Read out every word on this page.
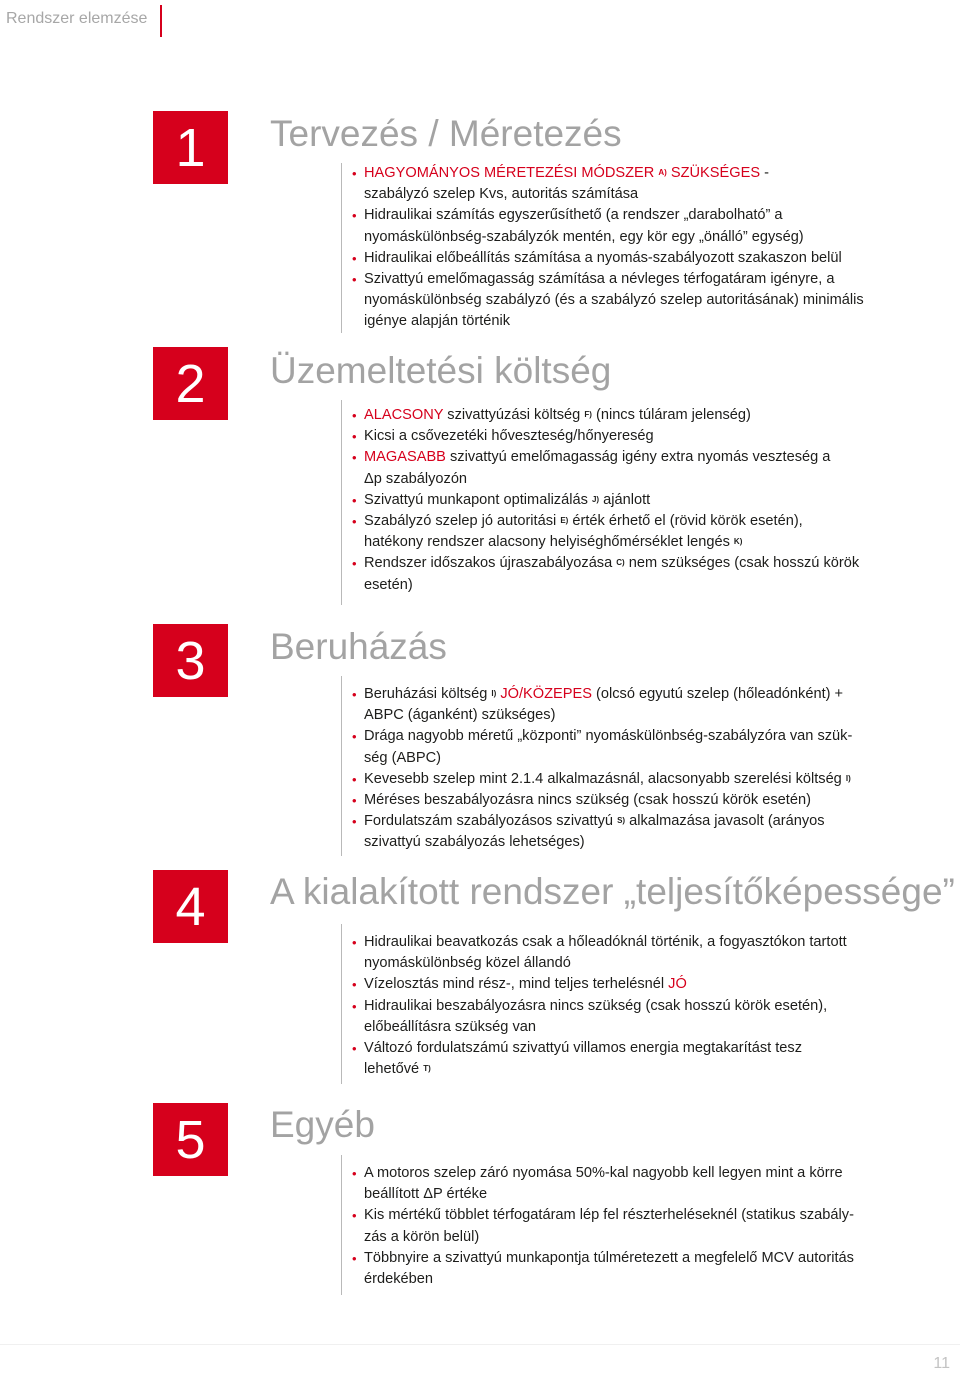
Rendszer elemzése
1	Tervezés / Méretezés
• HAGYOMÁNYOS MÉRETEZÉSI MÓDSZER $^{A)}$ SZÜKSÉGES -
szabályzó szelep Kvs, autoritás számítása
• Hidraulikai számítás egyszerűsíthető (a rendszer „darabolható” a
nyomáskülönbség-szabályzók mentén, egy kör egy „önálló” egység)
• Hidraulikai előbeállítás számítása a nyomás-szabályozott szakaszon belül
• Szivattyú emelőmagasság számítása a névleges térfogatáram igényre, a
nyomáskülönbség szabályzó (és a szabályzó szelep autoritásának) minimális
igénye alapján történik
2	Üzemeltetési költség
• ALACSONY szivattyúzási költség $^{F)}$ (nincs túláram jelenség)
• Kicsi a csővezetéki hőveszteség/hőnyereség
• MAGASABB szivattyú emelőmagasság igény extra nyomás veszteség a
Δp szabályozón
• Szivattyú munkapont optimalizálás $^{J)}$ ajánlott
• Szabályzó szelep jó autoritási $^{E)}$ érték érhető el (rövid körök esetén),
hatékony rendszer alacsony helyiséghőmérséklet lengés $^{K)}$
• Rendszer időszakos újraszabályozása $^{C)}$ nem szükséges (csak hosszú körök
esetén)
3	Beruházás
• Beruházási költség $^{I)}$ JÓ/KÖZEPES (olcsó egyutú szelep (hőleadónként) +
ABPC (áganként) szükséges)
• Drága nagyobb méretű „központi” nyomáskülönbség-szabályzóra van szük-
ség (ABPC)
• Kevesebb szelep mint 2.1.4 alkalmazásnál, alacsonyabb szerelési költség $^{I)}$
• Méréses beszabályozásra nincs szükség (csak hosszú körök esetén)
• Fordulatszám szabályozásos szivattyú $^{S)}$ alkalmazása javasolt (arányos
szivattyú szabályozás lehetséges)
4	A kialakított rendszer „teljesítőképessége”
• Hidraulikai beavatkozás csak a hőleadóknál történik, a fogyasztókon tartott
nyomáskülönbség közel állandó
• Vízelosztás mind rész-, mind teljes terhelésnél JÓ
• Hidraulikai beszabályozásra nincs szükség (csak hosszú körök esetén),
előbeállításra szükség van
• Változó fordulatszámú szivattyú villamos energia megtakarítást tesz
lehetővé $^{T)}$
5	Egyéb
• A motoros szelep záró nyomása 50%-kal nagyobb kell legyen mint a körre
beállított ΔP értéke
• Kis mértékű többlet térfogatáram lép fel részterheléseknél (statikus szabály-
zás a körön belül)
• Többnyire a szivattyú munkapontja túlméretezett a megfelelő MCV autoritás
érdekében
11
